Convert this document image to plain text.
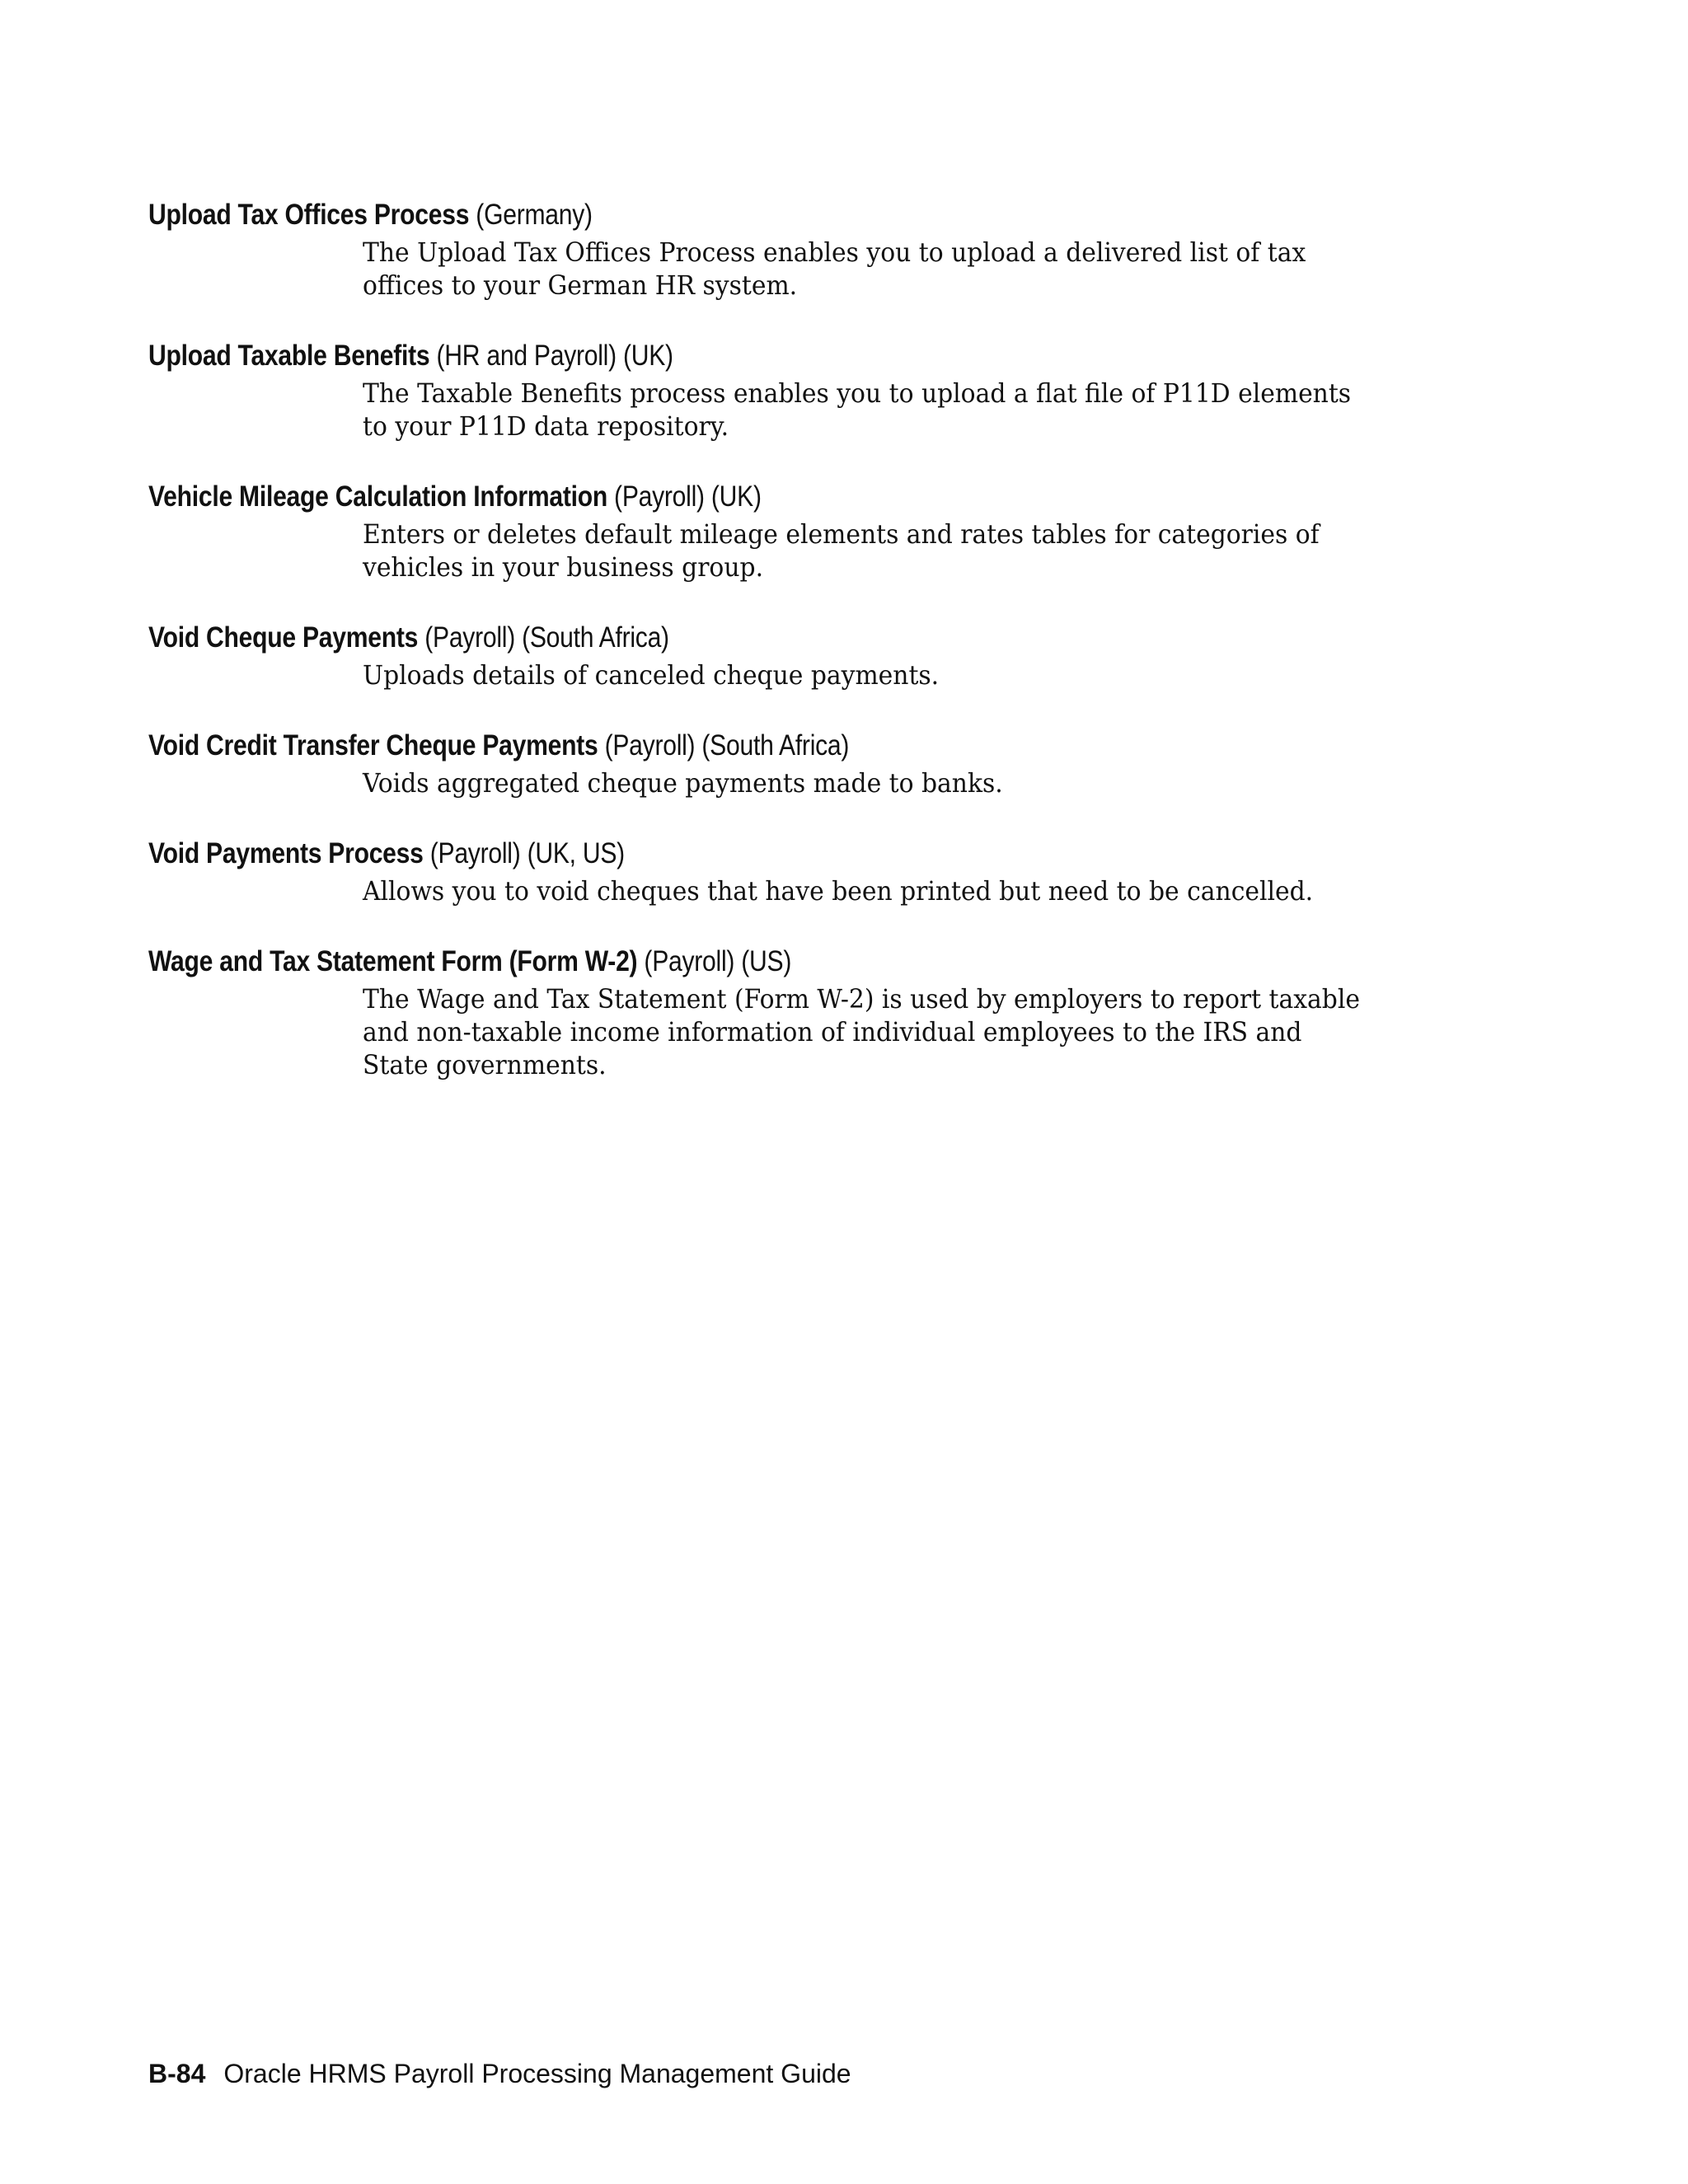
Upload Tax Offices Process (Germany)

The Upload Tax Offices Process enables you to upload a delivered list of tax offices to your German HR system.

Upload Taxable Benefits (HR and Payroll) (UK)

The Taxable Benefits process enables you to upload a flat file of P11D elements to your P11D data repository.

Vehicle Mileage Calculation Information (Payroll) (UK)

Enters or deletes default mileage elements and rates tables for categories of vehicles in your business group.

Void Cheque Payments (Payroll) (South Africa)

Uploads details of canceled cheque payments.

Void Credit Transfer Cheque Payments (Payroll) (South Africa)

Voids aggregated cheque payments made to banks.

Void Payments Process (Payroll) (UK, US)

Allows you to void cheques that have been printed but need to be cancelled.

Wage and Tax Statement Form (Form W-2) (Payroll) (US)

The Wage and Tax Statement (Form W-2) is used by employers to report taxable and non-taxable income information of individual employees to the IRS and State governments.
B-84 Oracle HRMS Payroll Processing Management Guide
